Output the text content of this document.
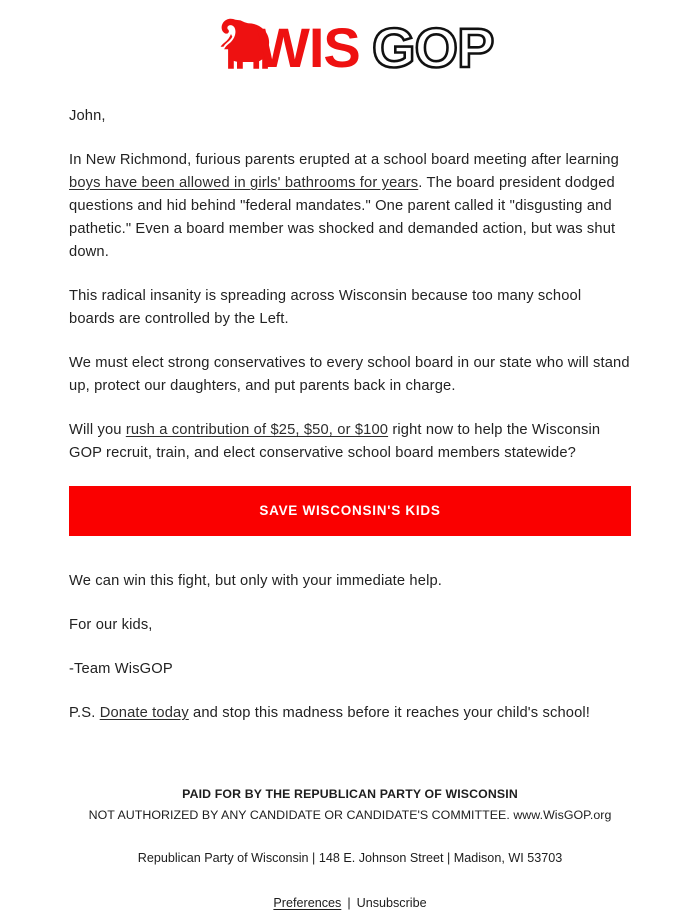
WIS GOP

John,

In New Richmond, furious parents erupted at a school board meeting after learning boys have been allowed in girls' bathrooms for years. The board president dodged questions and hid behind "federal mandates." One parent called it "disgusting and pathetic." Even a board member was shocked and demanded action, but was shut down.

This radical insanity is spreading across Wisconsin because too many school boards are controlled by the Left.

We must elect strong conservatives to every school board in our state who will stand up, protect our daughters, and put parents back in charge.

Will you rush a contribution of $25, $50, or $100 right now to help the Wisconsin GOP recruit, train, and elect conservative school board members statewide?

SAVE WISCONSIN'S KIDS

We can win this fight, but only with your immediate help.

For our kids,

-Team WisGOP

P.S. Donate today and stop this madness before it reaches your child's school!

PAID FOR BY THE REPUBLICAN PARTY OF WISCONSIN
NOT AUTHORIZED BY ANY CANDIDATE OR CANDIDATE'S COMMITTEE. www.WisGOP.org
Republican Party of Wisconsin | 148 E. Johnson Street | Madison, WI 53703
Preferences | Unsubscribe
